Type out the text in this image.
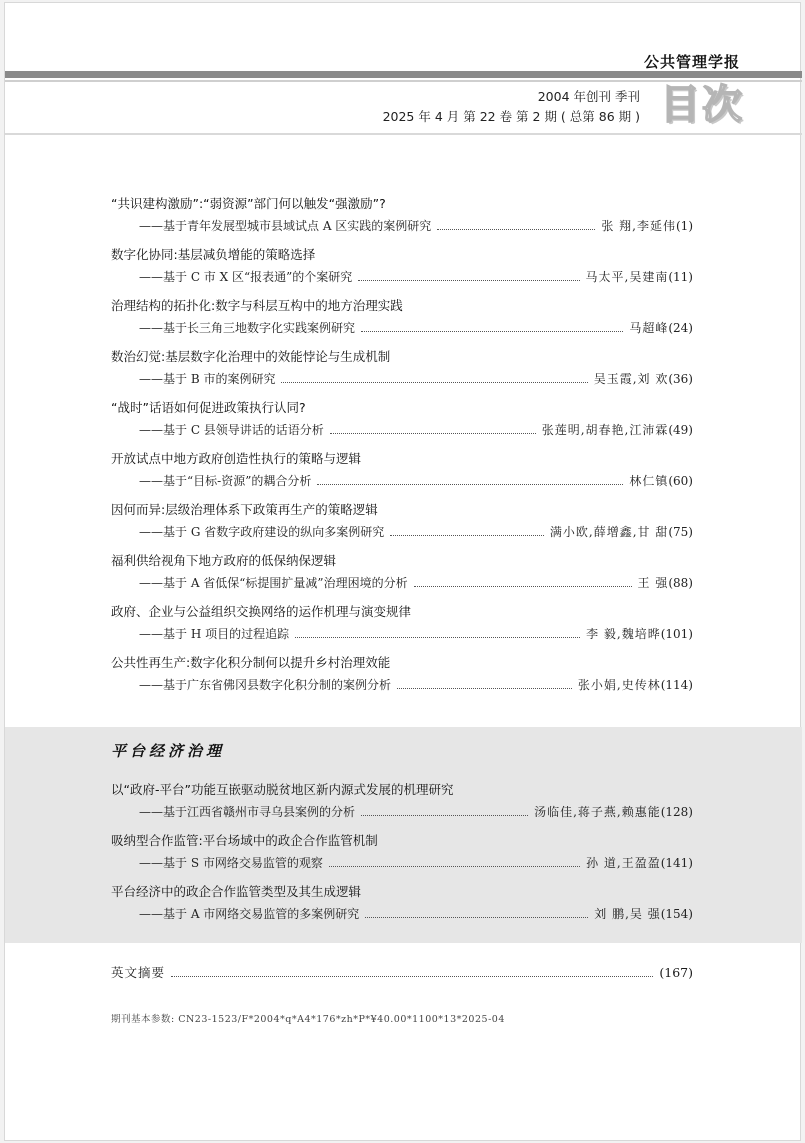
公共管理学报
2004 年创刊 季刊
2025 年 4 月 第 22 卷 第 2 期 ( 总第 86 期 ) 目次
“共识建构激励”:“弱资源”部门何以触发“强激励”?
——基于青年发展型城市县域试点 A 区实践的案例研究	张 翔,李延伟 (1)
数字化协同:基层减负增能的策略选择
——基于 C 市 X 区“报表通”的个案研究	马太平,吴建南 (11)
治理结构的拓扑化:数字与科层互构中的地方治理实践
——基于长三角三地数字化实践案例研究	马超峰 (24)
数治幻觉:基层数字化治理中的效能悖论与生成机制
——基于 B 市的案例研究	吴玉霞,刘 欢 (36)
“战时”话语如何促进政策执行认同?
——基于 C 县领导讲话的话语分析	张莲明,胡春艳,江沛霖 (49)
开放试点中地方政府创造性执行的策略与逻辑
——基于“目标-资源”的耦合分析	林仁镇 (60)
因何而异:层级治理体系下政策再生产的策略逻辑
——基于 G 省数字政府建设的纵向多案例研究	满小欧,薛增鑫,甘 甜 (75)
福利供给视角下地方政府的低保纳保逻辑
——基于 A 省低保“标提围扩量减”治理困境的分析	王 强 (88)
政府、企业与公益组织交换网络的运作机理与演变规律
——基于 H 项目的过程追踪	李 毅,魏培晔 (101)
公共性再生产:数字化积分制何以提升乡村治理效能
——基于广东省佛冈县数字化积分制的案例分析	张小娟,史传林 (114)
平台经济治理
以“政府-平台”功能互嵌驱动脱贫地区新内源式发展的机理研究
——基于江西省赣州市寻乌县案例的分析	汤临佳,蒋子燕,赖惠能 (128)
吸纳型合作监管:平台场域中的政企合作监管机制
——基于 S 市网络交易监管的观察	孙 道,王盈盈 (141)
平台经济中的政企合作监管类型及其生成逻辑
——基于 A 市网络交易监管的多案例研究	刘 鹏,吴 强 (154)
英文摘要	(167)
期刊基本参数: CN23-1523/F*2004*q*A4*176*zh*P*¥40.00*1100*13*2025-04
